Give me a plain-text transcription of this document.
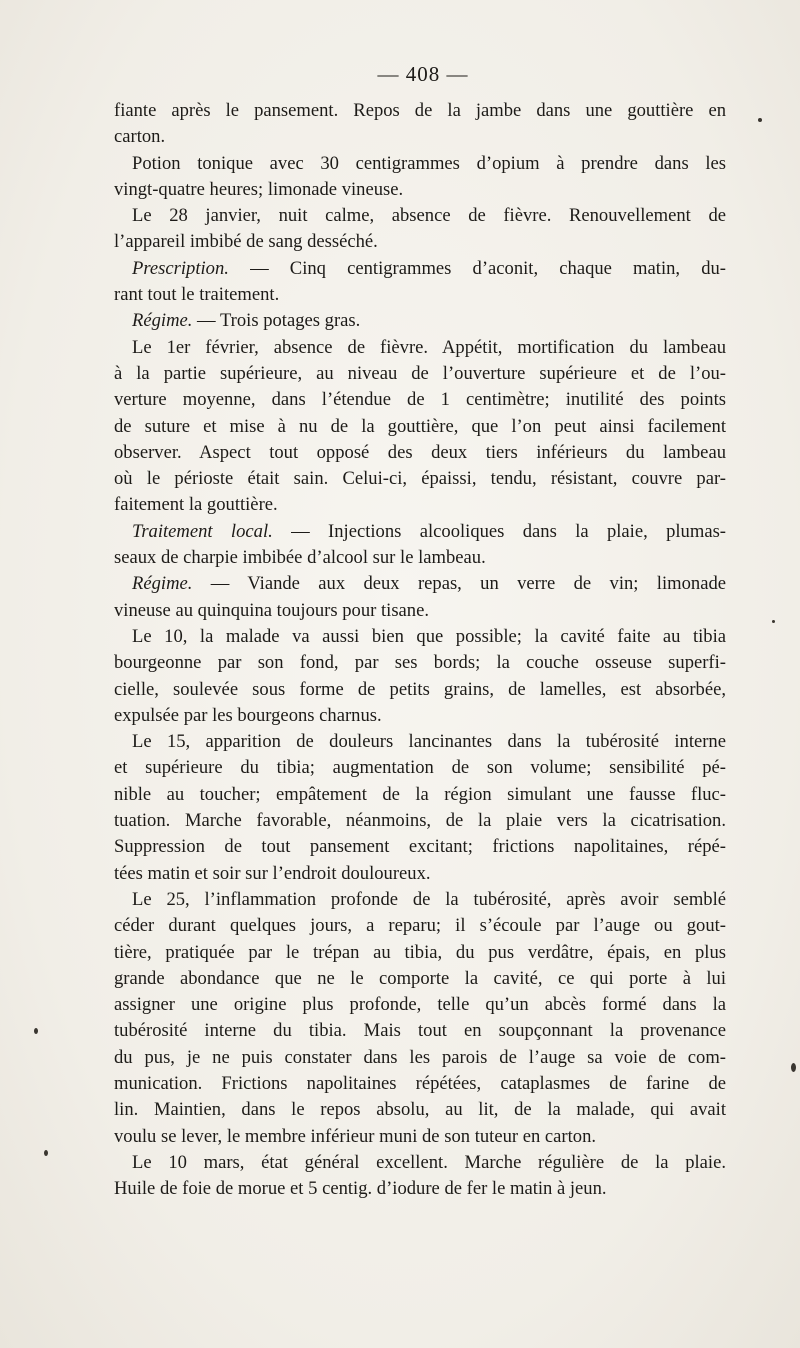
— 408 —
fiante après le pansement. Repos de la jambe dans une gouttière en
carton.
Potion tonique avec 30 centigrammes d’opium à prendre dans les
vingt-quatre heures; limonade vineuse.
Le 28 janvier, nuit calme, absence de fièvre. Renouvellement de
l’appareil imbibé de sang desséché.
Prescription. — Cinq centigrammes d’aconit, chaque matin, du-
rant tout le traitement.
Régime. — Trois potages gras.
Le 1er février, absence de fièvre. Appétit, mortification du lambeau
à la partie supérieure, au niveau de l’ouverture supérieure et de l’ou-
verture moyenne, dans l’étendue de 1 centimètre; inutilité des points
de suture et mise à nu de la gouttière, que l’on peut ainsi facilement
observer. Aspect tout opposé des deux tiers inférieurs du lambeau
où le périoste était sain. Celui-ci, épaissi, tendu, résistant, couvre par-
faitement la gouttière.
Traitement local. — Injections alcooliques dans la plaie, plumas-
seaux de charpie imbibée d’alcool sur le lambeau.
Régime. — Viande aux deux repas, un verre de vin; limonade
vineuse au quinquina toujours pour tisane.
Le 10, la malade va aussi bien que possible; la cavité faite au tibia
bourgeonne par son fond, par ses bords; la couche osseuse superfi-
cielle, soulevée sous forme de petits grains, de lamelles, est absorbée,
expulsée par les bourgeons charnus.
Le 15, apparition de douleurs lancinantes dans la tubérosité interne
et supérieure du tibia; augmentation de son volume; sensibilité pé-
nible au toucher; empâtement de la région simulant une fausse fluc-
tuation. Marche favorable, néanmoins, de la plaie vers la cicatrisation.
Suppression de tout pansement excitant; frictions napolitaines, répé-
tées matin et soir sur l’endroit douloureux.
Le 25, l’inflammation profonde de la tubérosité, après avoir semblé
céder durant quelques jours, a reparu; il s’écoule par l’auge ou gout-
tière, pratiquée par le trépan au tibia, du pus verdâtre, épais, en plus
grande abondance que ne le comporte la cavité, ce qui porte à lui
assigner une origine plus profonde, telle qu’un abcès formé dans la
tubérosité interne du tibia. Mais tout en soupçonnant la provenance
du pus, je ne puis constater dans les parois de l’auge sa voie de com-
munication. Frictions napolitaines répétées, cataplasmes de farine de
lin. Maintien, dans le repos absolu, au lit, de la malade, qui avait
voulu se lever, le membre inférieur muni de son tuteur en carton.
Le 10 mars, état général excellent. Marche régulière de la plaie.
Huile de foie de morue et 5 centig. d’iodure de fer le matin à jeun.
